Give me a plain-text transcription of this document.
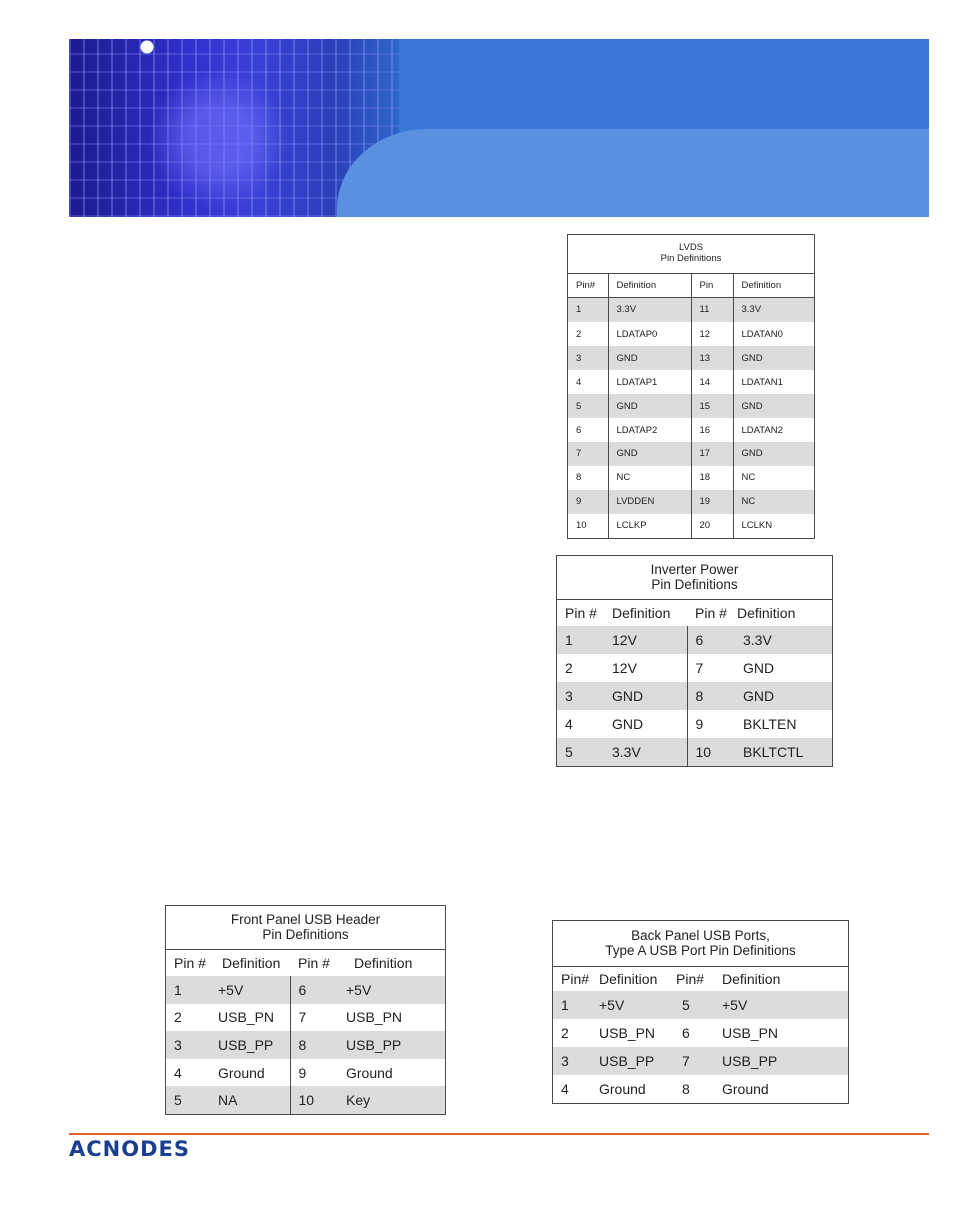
LVDS
Pin Definitions			
Pin#	Definition	Pin	Definition
1	3.3V	11	3.3V
2	LDATAP0	12	LDATAN0
3	GND	13	GND
4	LDATAP1	14	LDATAN1
5	GND	15	GND
6	LDATAP2	16	LDATAN2
7	GND	17	GND
8	NC	18	NC
9	LVDDEN	19	NC
10	LCLKP	20	LCLKN
Inverter Power
Pin Definitions			
Pin #	Definition	Pin #	Definition
1	12V	6	3.3V
2	12V	7	GND
3	GND	8	GND
4	GND	9	BKLTEN
5	3.3V	10	BKLTCTL
Front Panel USB Header
Pin Definitions			
Pin #	Definition	Pin #	Definition
1	+5V	6	+5V
2	USB_PN	7	USB_PN
3	USB_PP	8	USB_PP
4	Ground	9	Ground
5	NA	10	Key
Back Panel USB Ports,
Type A USB Port Pin Definitions			
Pin#	Definition	Pin#	Definition
1	+5V	5	+5V
2	USB_PN	6	USB_PN
3	USB_PP	7	USB_PP
4	Ground	8	Ground
ACNODES
